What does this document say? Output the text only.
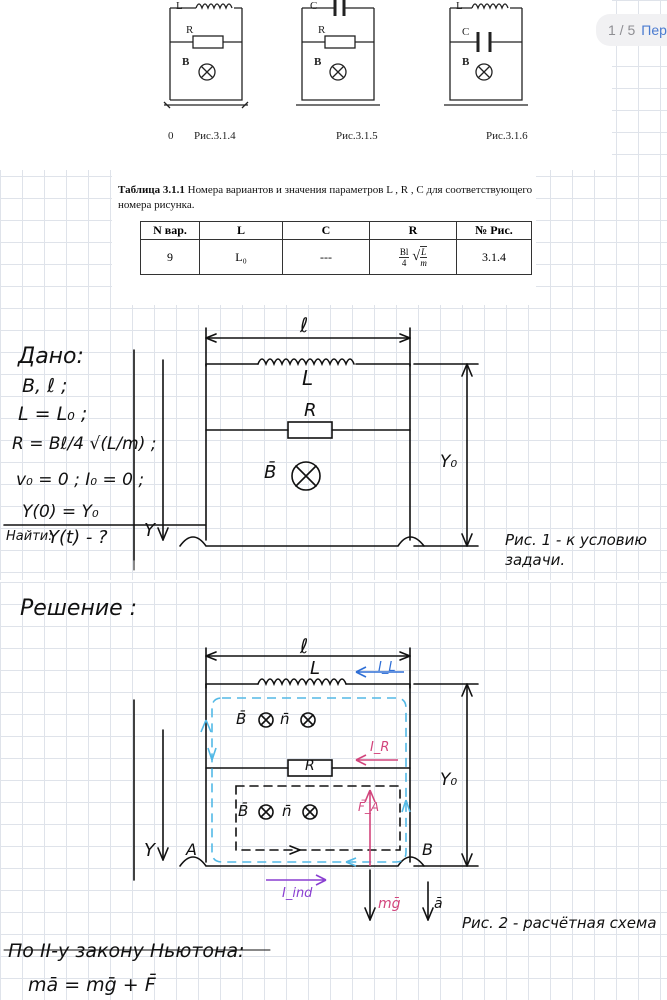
1 / 5 Пер
L
R
B
C
R
B
L
C
B
0 Рис.3.1.4	Рис.3.1.5	Рис.3.1.6
Таблица 3.1.1 Номера вариантов и значения параметров L , R , C для соответствующего номера рисунка.
N вар.	L	C	R	№ Рис.
9	L₀	---	$\frac{Bl}{4}$ √ $\frac{L}{m}$	3.1.4
Дано:
B, ℓ ;
L = L₀ ;
R = Bℓ/4 √(L/m) ;
v₀ = 0 ; I₀ = 0 ;
Y(0) = Y₀
Найти:
Y(t) - ?
ℓ
L
R
B̄
Y
Y₀
Рис. 1 - к условию задачи.
Решение :
ℓ
L	I_L
I_R
R
B̄ n̄
B̄ n̄	F̄_A
I_ind
mḡ ā
A	B
Y
Y₀
Рис. 2 - расчётная схема
По II-у закону Ньютона:
mā = mḡ + F̄
